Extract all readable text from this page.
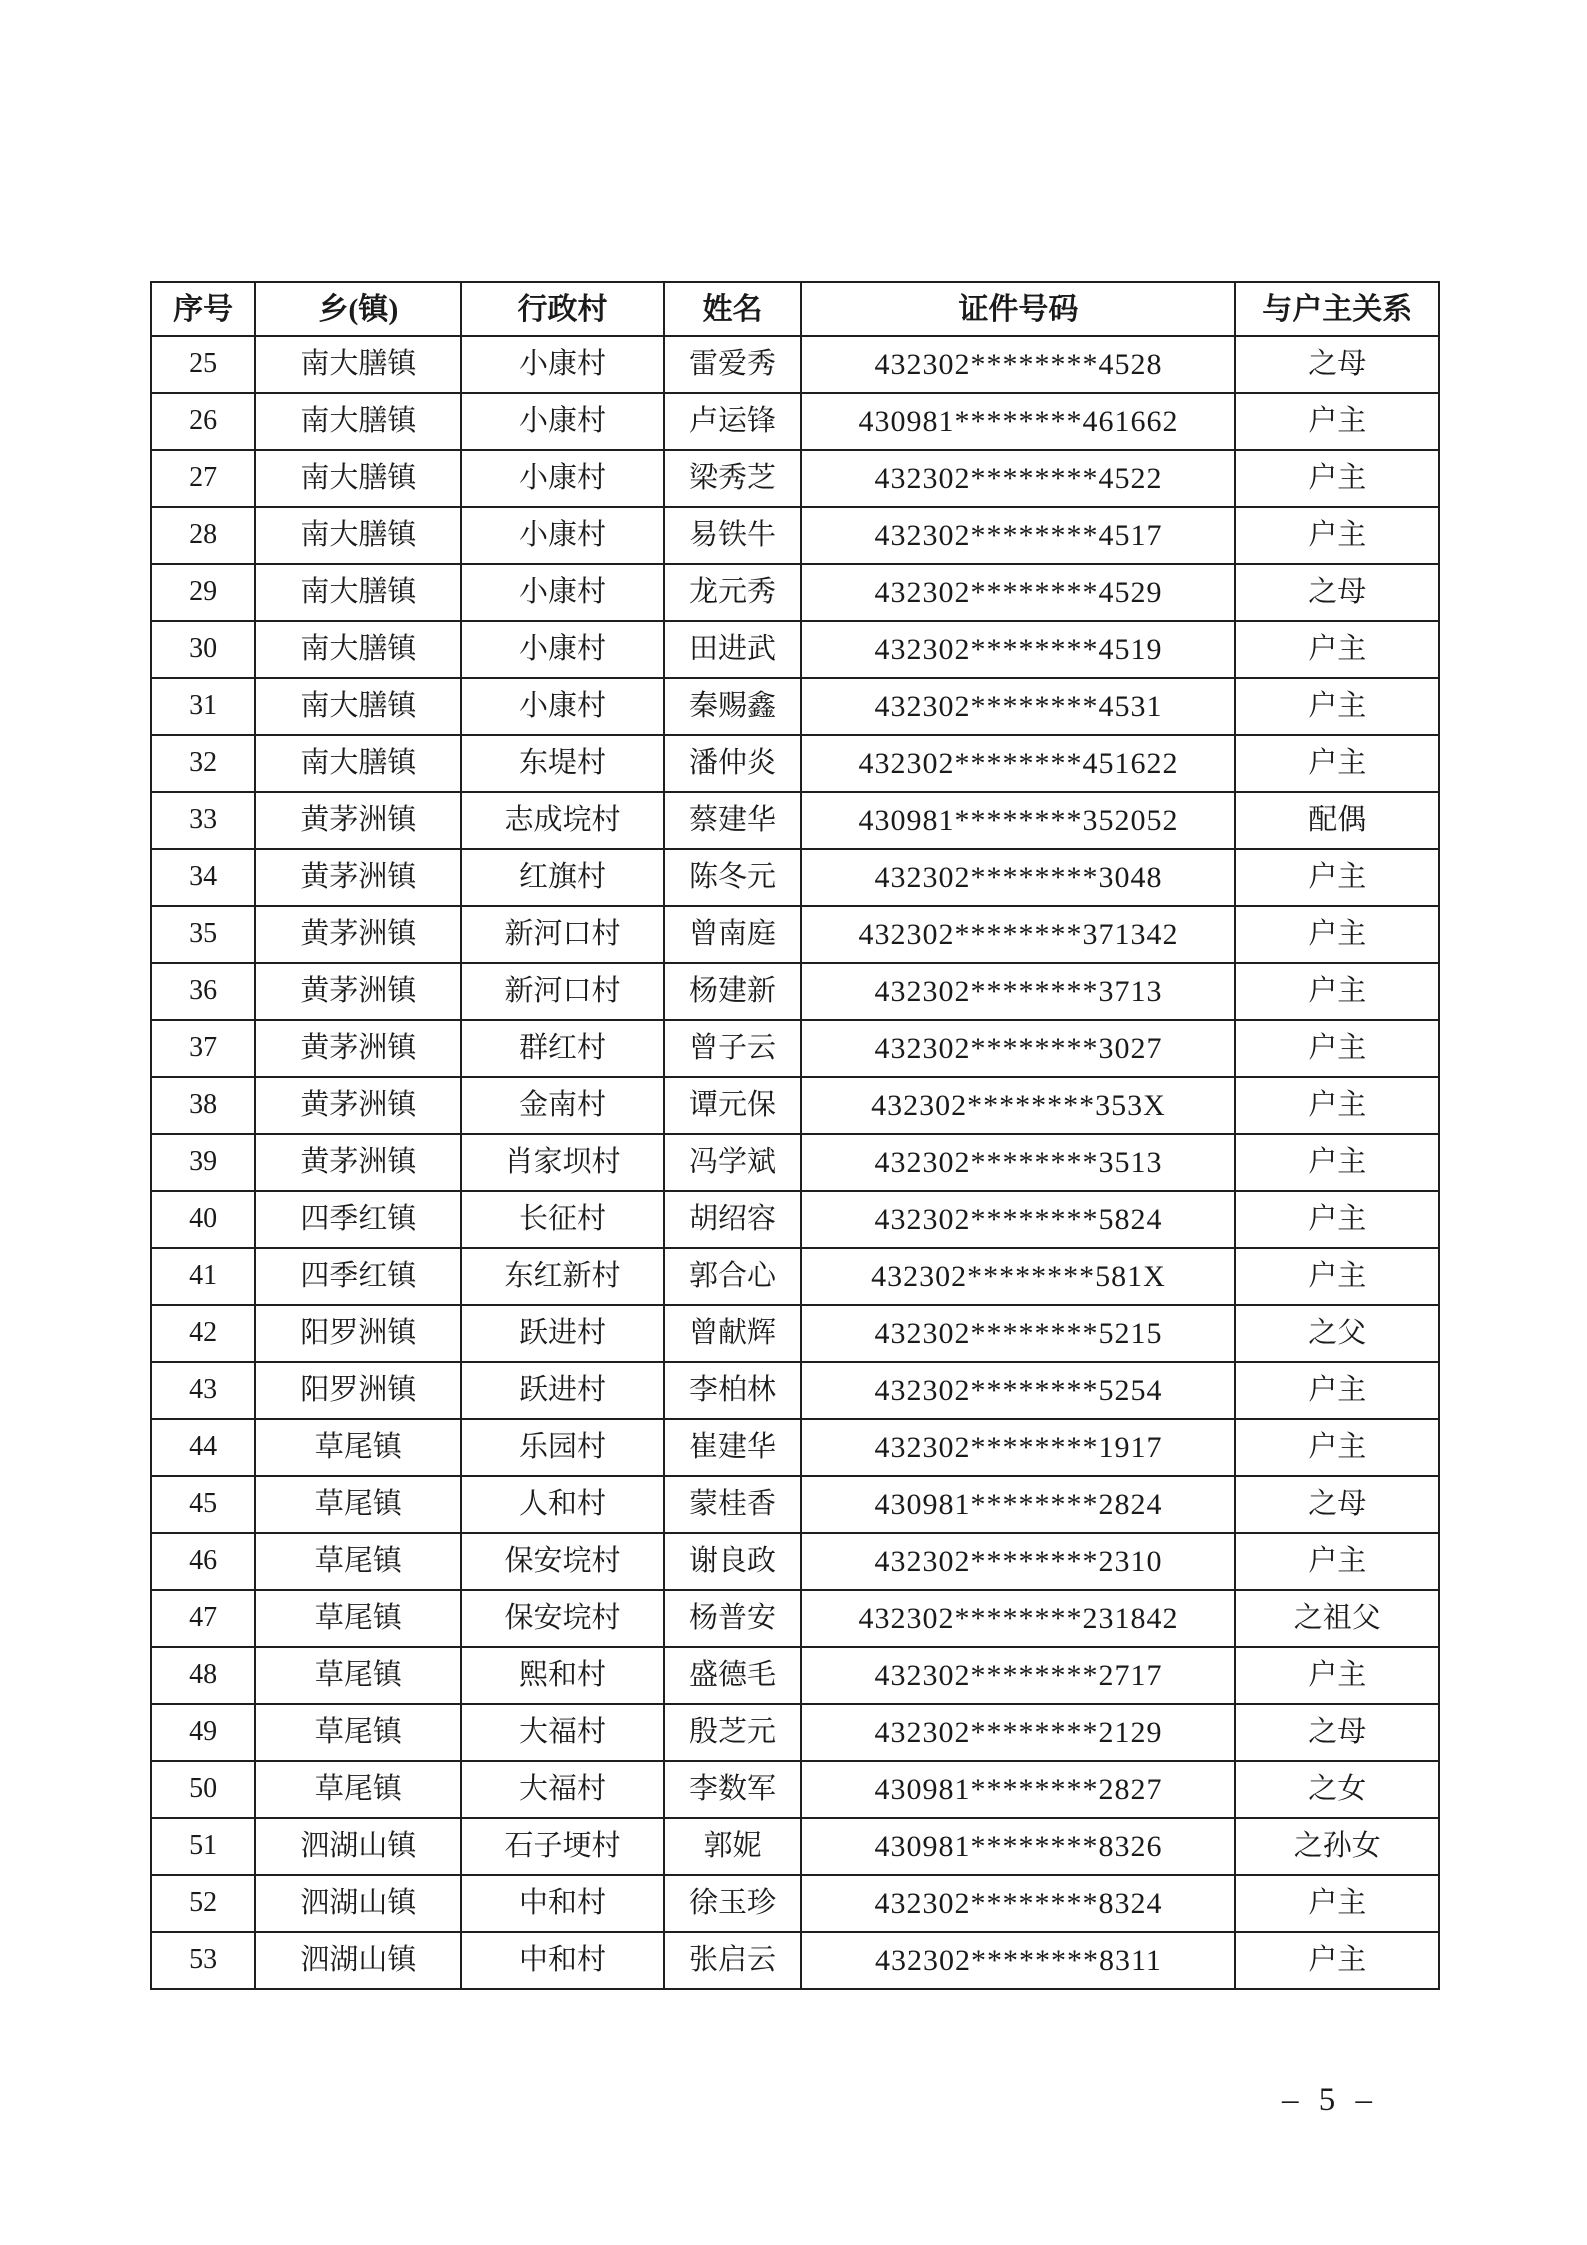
序号	乡(镇)	行政村	姓名	证件号码	与户主关系
25	南大膳镇	小康村	雷爱秀	432302********4528	之母
26	南大膳镇	小康村	卢运锋	430981********461662	户主
27	南大膳镇	小康村	梁秀芝	432302********4522	户主
28	南大膳镇	小康村	易铁牛	432302********4517	户主
29	南大膳镇	小康村	龙元秀	432302********4529	之母
30	南大膳镇	小康村	田进武	432302********4519	户主
31	南大膳镇	小康村	秦赐鑫	432302********4531	户主
32	南大膳镇	东堤村	潘仲炎	432302********451622	户主
33	黄茅洲镇	志成垸村	蔡建华	430981********352052	配偶
34	黄茅洲镇	红旗村	陈冬元	432302********3048	户主
35	黄茅洲镇	新河口村	曾南庭	432302********371342	户主
36	黄茅洲镇	新河口村	杨建新	432302********3713	户主
37	黄茅洲镇	群红村	曾子云	432302********3027	户主
38	黄茅洲镇	金南村	谭元保	432302********353X	户主
39	黄茅洲镇	肖家坝村	冯学斌	432302********3513	户主
40	四季红镇	长征村	胡绍容	432302********5824	户主
41	四季红镇	东红新村	郭合心	432302********581X	户主
42	阳罗洲镇	跃进村	曾献辉	432302********5215	之父
43	阳罗洲镇	跃进村	李柏林	432302********5254	户主
44	草尾镇	乐园村	崔建华	432302********1917	户主
45	草尾镇	人和村	蒙桂香	430981********2824	之母
46	草尾镇	保安垸村	谢良政	432302********2310	户主
47	草尾镇	保安垸村	杨普安	432302********231842	之祖父
48	草尾镇	熙和村	盛德毛	432302********2717	户主
49	草尾镇	大福村	殷芝元	432302********2129	之母
50	草尾镇	大福村	李数军	430981********2827	之女
51	泗湖山镇	石子埂村	郭妮	430981********8326	之孙女
52	泗湖山镇	中和村	徐玉珍	432302********8324	户主
53	泗湖山镇	中和村	张启云	432302********8311	户主
– 5 –
